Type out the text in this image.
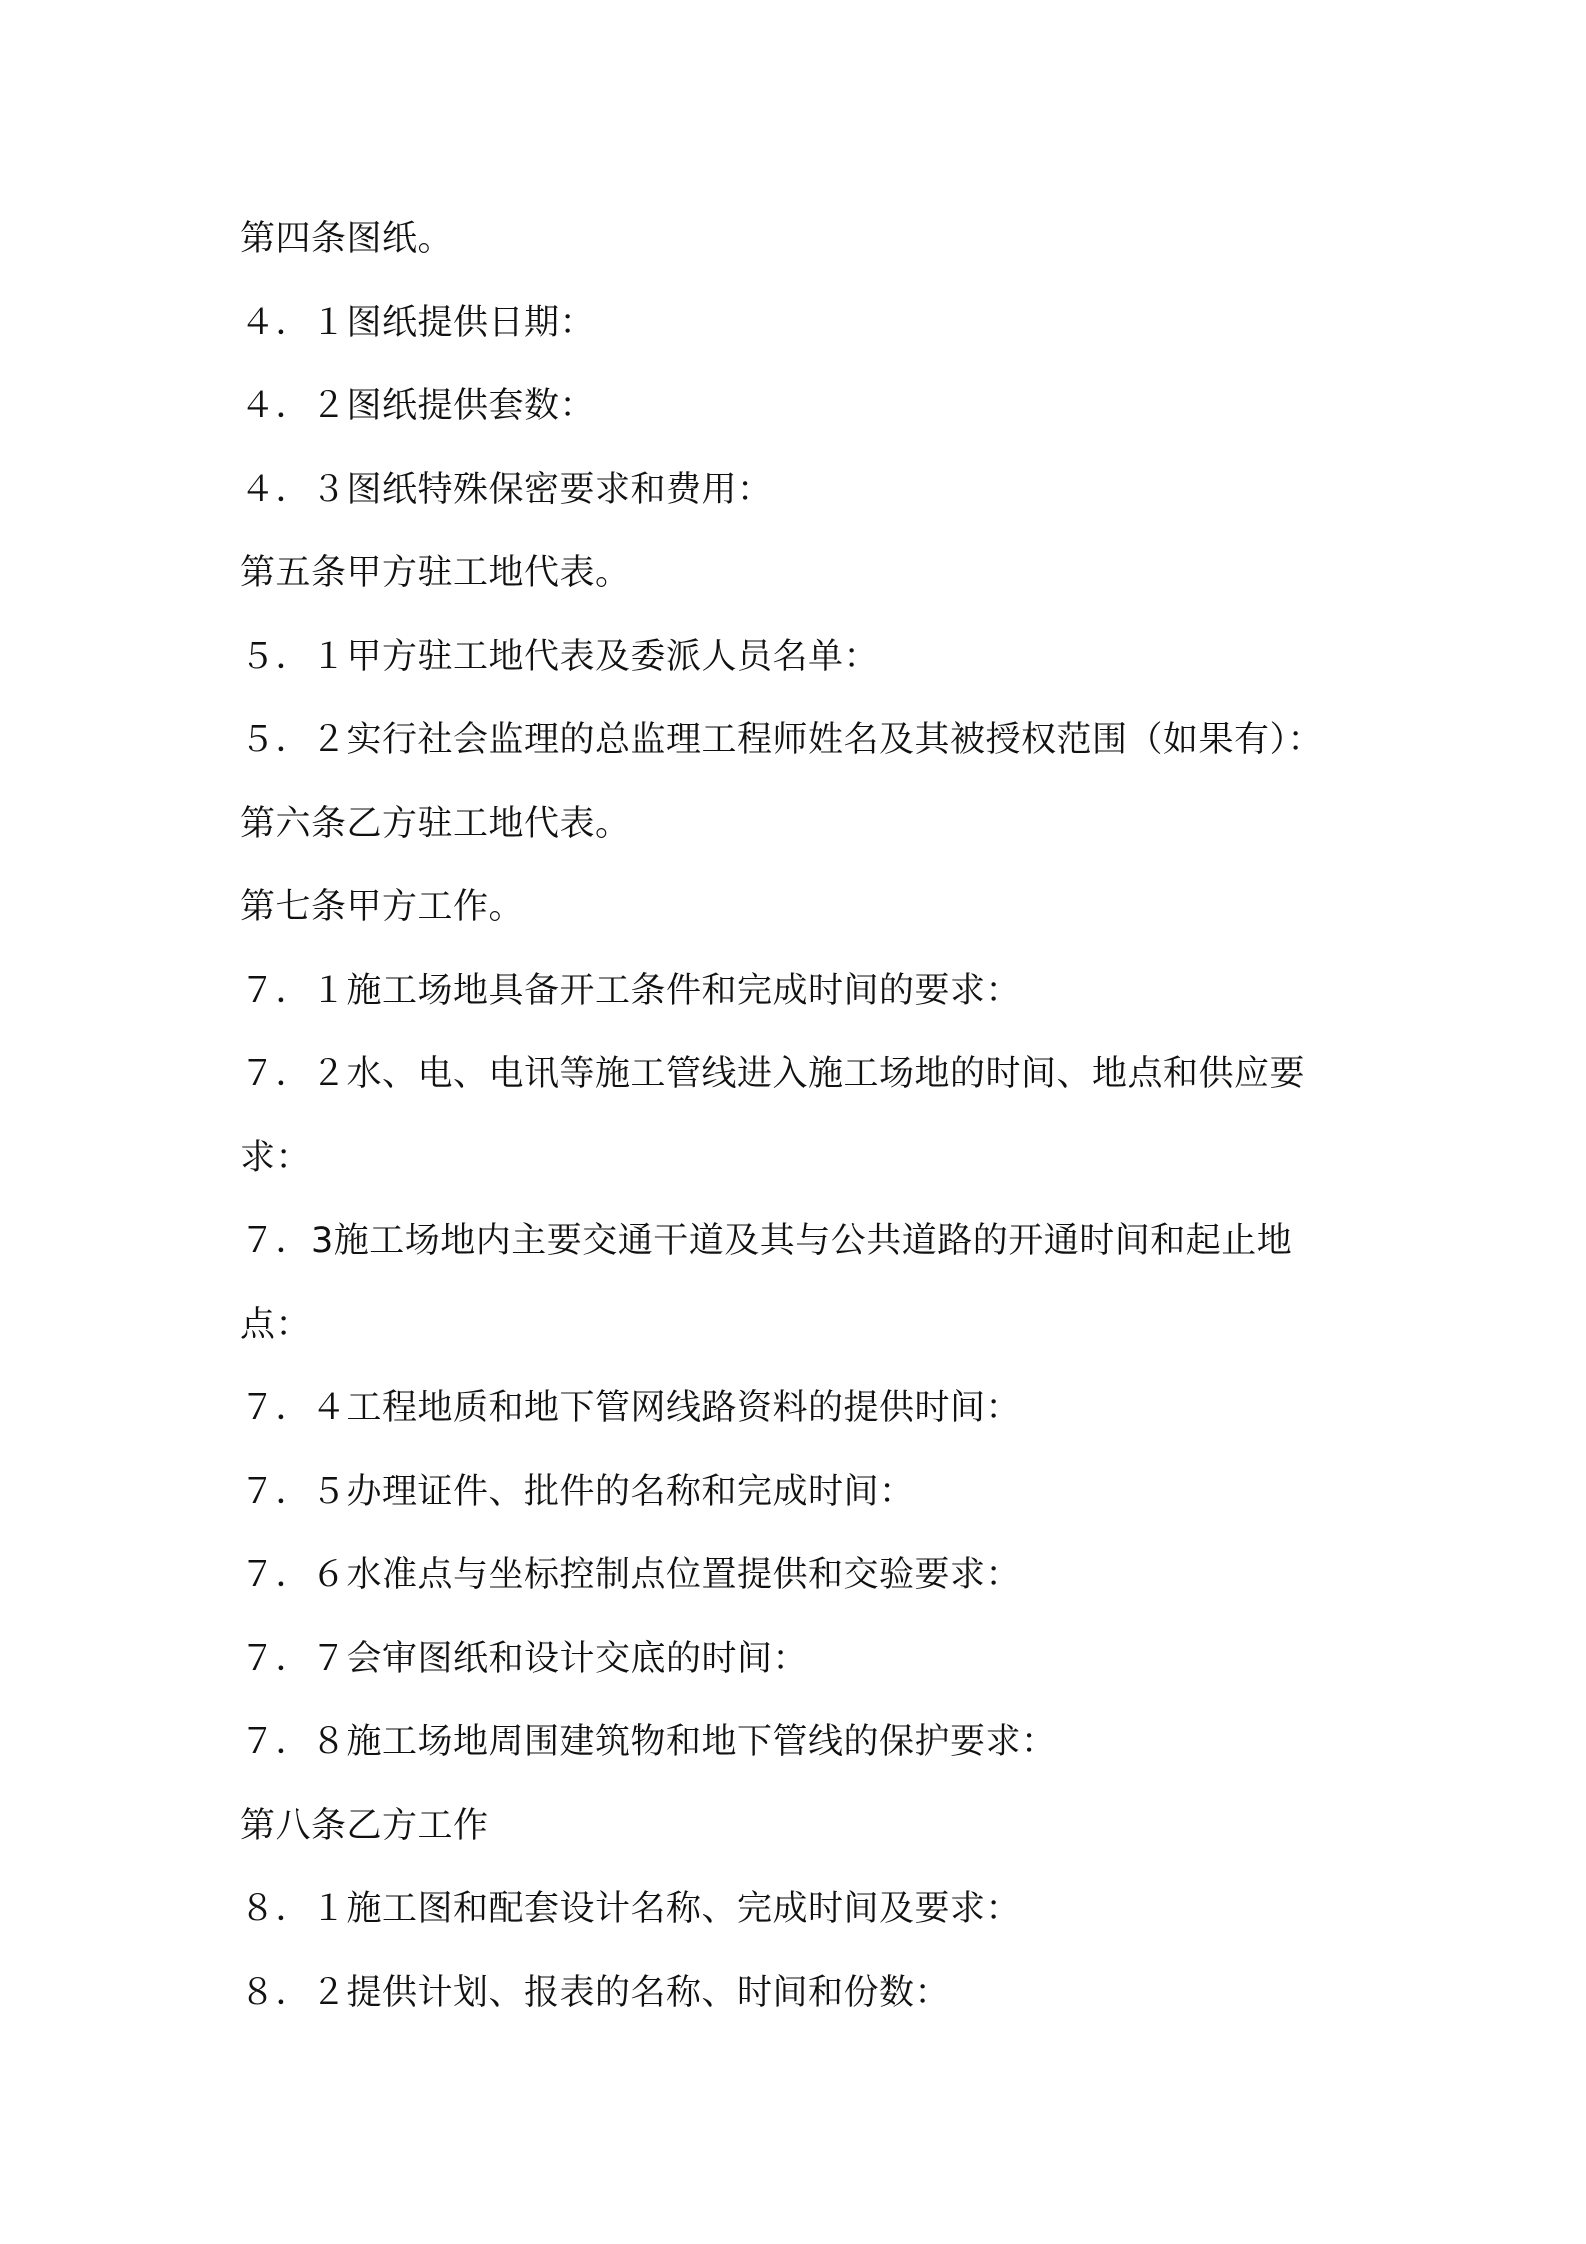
第四条图纸。
４．１图纸提供日期：
４．２图纸提供套数：
４．３图纸特殊保密要求和费用：
第五条甲方驻工地代表。
５．１甲方驻工地代表及委派人员名单：
５．２实行社会监理的总监理工程师姓名及其被授权范围（如果有）：
第六条乙方驻工地代表。
第七条甲方工作。
７．１施工场地具备开工条件和完成时间的要求：
７．２水、电、电讯等施工管线进入施工场地的时间、地点和供应要
求：
７．3施工场地内主要交通干道及其与公共道路的开通时间和起止地
点：
７．４工程地质和地下管网线路资料的提供时间：
７．５办理证件、批件的名称和完成时间：
７．６水准点与坐标控制点位置提供和交验要求：
７．７会审图纸和设计交底的时间：
７．８施工场地周围建筑物和地下管线的保护要求：
第八条乙方工作
８．１施工图和配套设计名称、完成时间及要求：
８．２提供计划、报表的名称、时间和份数：
